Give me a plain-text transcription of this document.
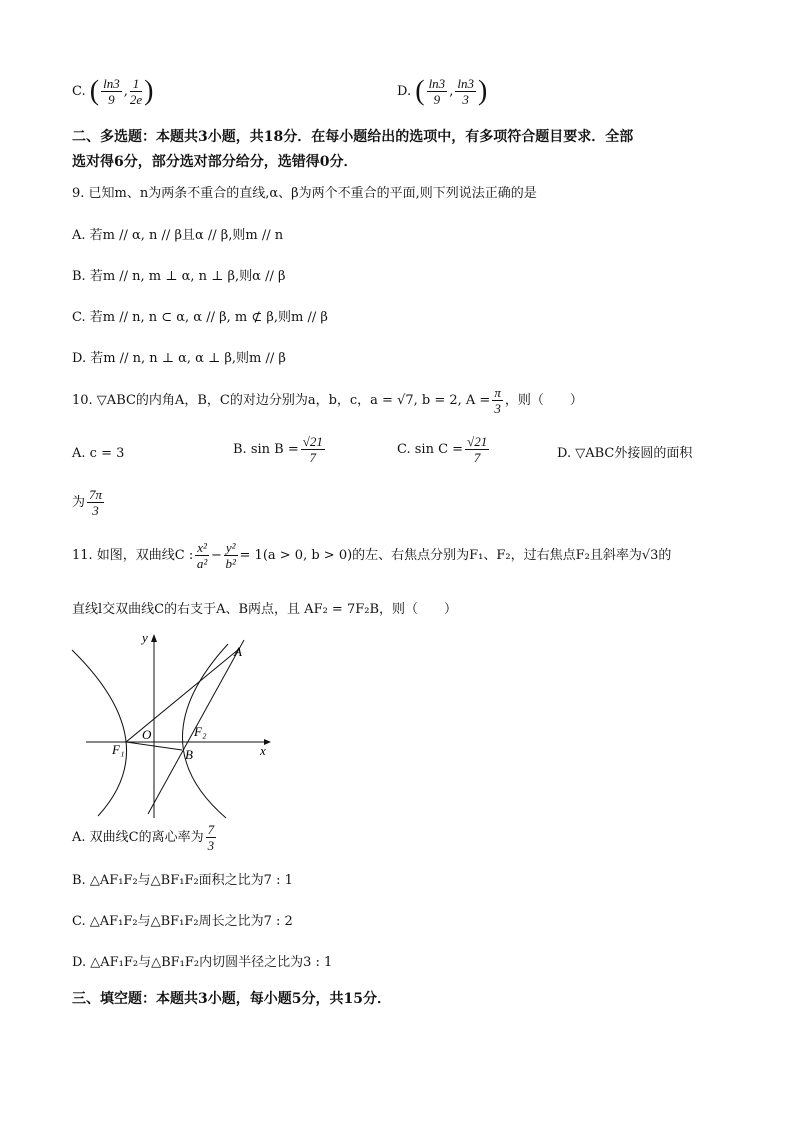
C. ( $\frac{\ln 3}{9}$ , $\frac{1}{2e}$ )	D. ( $\frac{\ln 3}{9}$ , $\frac{\ln 3}{3}$ )
二、多选题：本题共3小题，共18分．在每小题给出的选项中，有多项符合题目要求．全部
选对得6分，部分选对部分给分，选错得0分．
9. 已知m、n为两条不重合的直线,α、β为两个不重合的平面,则下列说法正确的是
A. 若m // α, n // β且α // β,则m // n
B. 若m // n, m ⊥ α, n ⊥ β,则α // β
C. 若m // n, n ⊂ α, α // β, m ⊄ β,则m // β
D. 若m // n, n ⊥ α, α ⊥ β,则m // β
10. ▽ABC的内角A，B，C的对边分别为a，b，c，a = √7, b = 2, $A = \frac{\pi}{3}$ ，则（　　）
A. c = 3	B. $\sin B = \frac{√21}{7}$	C. $\sin C = \frac{√21}{7}$	D. ▽ABC外接圆的面积
为 $\frac{7\pi}{3}$
11. 如图，双曲线C : $\frac{\text{x²}}{\text{a²}} - \frac{\text{y²}}{\text{b²}} = 1(a > 0$, b > 0)的左、右焦点分别为F₁、F₂，过右焦点F₂且斜率为√3的
直线l交双曲线C的右支于A、B两点，且 AF₂ = 7F₂B，则（　　）
y
x
O
F₁
F₂
A
B
A. 双曲线C的离心率为 $\frac{7}{3}$
B. △AF₁F₂与△BF₁F₂面积之比为7 : 1
C. △AF₁F₂与△BF₁F₂周长之比为7 : 2
D. △AF₁F₂与△BF₁F₂内切圆半径之比为3 : 1
三、填空题：本题共3小题，每小题5分，共15分．
